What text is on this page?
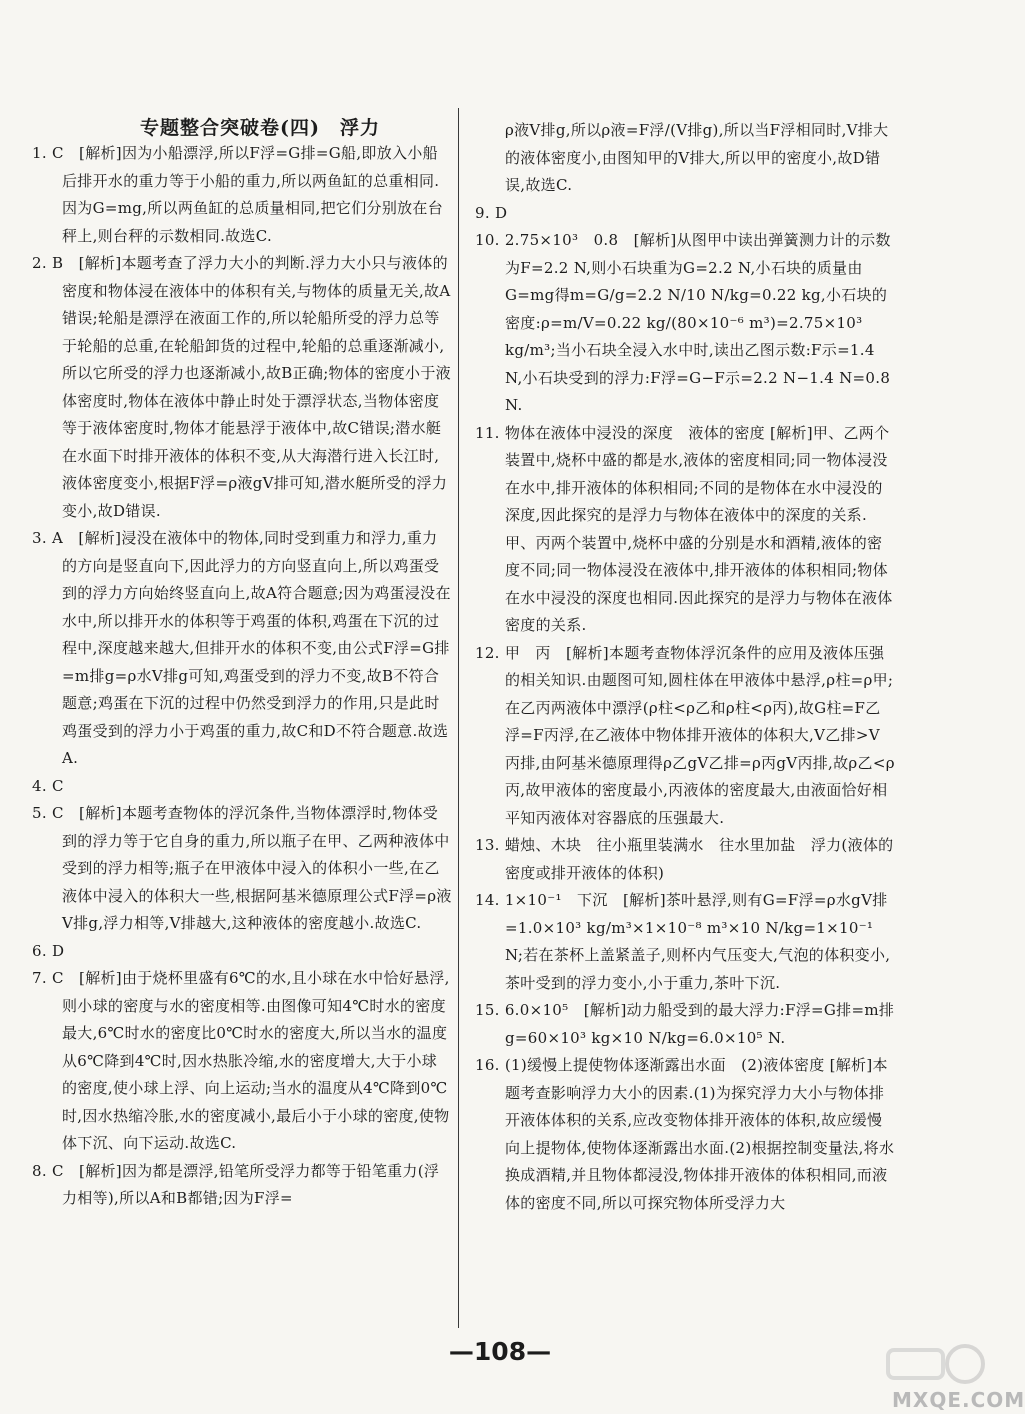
专题整合突破卷(四)　浮力

1. C　[解析]因为小船漂浮,所以F浮=G排=G船,即放入小船后排开水的重力等于小船的重力,所以两鱼缸的总重相同.因为G=mg,所以两鱼缸的总质量相同,把它们分别放在台秤上,则台秤的示数相同.故选C.

2. B　[解析]本题考查了浮力大小的判断.浮力大小只与液体的密度和物体浸在液体中的体积有关,与物体的质量无关,故A错误;轮船是漂浮在液面工作的,所以轮船所受的浮力总等于轮船的总重,在轮船卸货的过程中,轮船的总重逐渐减小,所以它所受的浮力也逐渐减小,故B正确;物体的密度小于液体密度时,物体在液体中静止时处于漂浮状态,当物体密度等于液体密度时,物体才能悬浮于液体中,故C错误;潜水艇在水面下时排开液体的体积不变,从大海潜行进入长江时,液体密度变小,根据F浮=ρ液gV排可知,潜水艇所受的浮力变小,故D错误.

3. A　[解析]浸没在液体中的物体,同时受到重力和浮力,重力的方向是竖直向下,因此浮力的方向竖直向上,所以鸡蛋受到的浮力方向始终竖直向上,故A符合题意;因为鸡蛋浸没在水中,所以排开水的体积等于鸡蛋的体积,鸡蛋在下沉的过程中,深度越来越大,但排开水的体积不变,由公式F浮=G排=m排g=ρ水V排g可知,鸡蛋受到的浮力不变,故B不符合题意;鸡蛋在下沉的过程中仍然受到浮力的作用,只是此时鸡蛋受到的浮力小于鸡蛋的重力,故C和D不符合题意.故选A.

4. C

5. C　[解析]本题考查物体的浮沉条件,当物体漂浮时,物体受到的浮力等于它自身的重力,所以瓶子在甲、乙两种液体中受到的浮力相等;瓶子在甲液体中浸入的体积小一些,在乙液体中浸入的体积大一些,根据阿基米德原理公式F浮=ρ液V排g,浮力相等,V排越大,这种液体的密度越小.故选C.

6. D

7. C　[解析]由于烧杯里盛有6℃的水,且小球在水中恰好悬浮,则小球的密度与水的密度相等.由图像可知4℃时水的密度最大,6℃时水的密度比0℃时水的密度大,所以当水的温度从6℃降到4℃时,因水热胀冷缩,水的密度增大,大于小球的密度,使小球上浮、向上运动;当水的温度从4℃降到0℃时,因水热缩冷胀,水的密度减小,最后小于小球的密度,使物体下沉、向下运动.故选C.

8. C　[解析]因为都是漂浮,铅笔所受浮力都等于铅笔重力(浮力相等),所以A和B都错;因为F浮=

ρ液V排g,所以ρ液=F浮/(V排g),所以当F浮相同时,V排大的液体密度小,由图知甲的V排大,所以甲的密度小,故D错误,故选C.

9. D

10. 2.75×10³　0.8　[解析]从图甲中读出弹簧测力计的示数为F=2.2 N,则小石块重为G=2.2 N,小石块的质量由G=mg得m=G/g=2.2 N/10 N/kg=0.22 kg,小石块的密度:ρ=m/V=0.22 kg/(80×10⁻⁶ m³)=2.75×10³ kg/m³;当小石块全浸入水中时,读出乙图示数:F示=1.4 N,小石块受到的浮力:F浮=G−F示=2.2 N−1.4 N=0.8 N.

11. 物体在液体中浸没的深度　液体的密度 [解析]甲、乙两个装置中,烧杯中盛的都是水,液体的密度相同;同一物体浸没在水中,排开液体的体积相同;不同的是物体在水中浸没的深度,因此探究的是浮力与物体在液体中的深度的关系.甲、丙两个装置中,烧杯中盛的分别是水和酒精,液体的密度不同;同一物体浸没在液体中,排开液体的体积相同;物体在水中浸没的深度也相同.因此探究的是浮力与物体在液体密度的关系.

12. 甲　丙　[解析]本题考查物体浮沉条件的应用及液体压强的相关知识.由题图可知,圆柱体在甲液体中悬浮,ρ柱=ρ甲;在乙丙两液体中漂浮(ρ柱<ρ乙和ρ柱<ρ丙),故G柱=F乙浮=F丙浮,在乙液体中物体排开液体的体积大,V乙排>V丙排,由阿基米德原理得ρ乙gV乙排=ρ丙gV丙排,故ρ乙<ρ丙,故甲液体的密度最小,丙液体的密度最大,由液面恰好相平知丙液体对容器底的压强最大.

13. 蜡烛、木块　往小瓶里装满水　往水里加盐　浮力(液体的密度或排开液体的体积)

14. 1×10⁻¹　下沉　[解析]茶叶悬浮,则有G=F浮=ρ水gV排=1.0×10³ kg/m³×1×10⁻⁸ m³×10 N/kg=1×10⁻¹ N;若在茶杯上盖紧盖子,则杯内气压变大,气泡的体积变小,茶叶受到的浮力变小,小于重力,茶叶下沉.

15. 6.0×10⁵　[解析]动力船受到的最大浮力:F浮=G排=m排g=60×10³ kg×10 N/kg=6.0×10⁵ N.

16. (1)缓慢上提使物体逐渐露出水面　(2)液体密度 [解析]本题考查影响浮力大小的因素.(1)为探究浮力大小与物体排开液体体积的关系,应改变物体排开液体的体积,故应缓慢向上提物体,使物体逐渐露出水面.(2)根据控制变量法,将水换成酒精,并且物体都浸没,物体排开液体的体积相同,而液体的密度不同,所以可探究物体所受浮力大

—108—
MXQE.COM
